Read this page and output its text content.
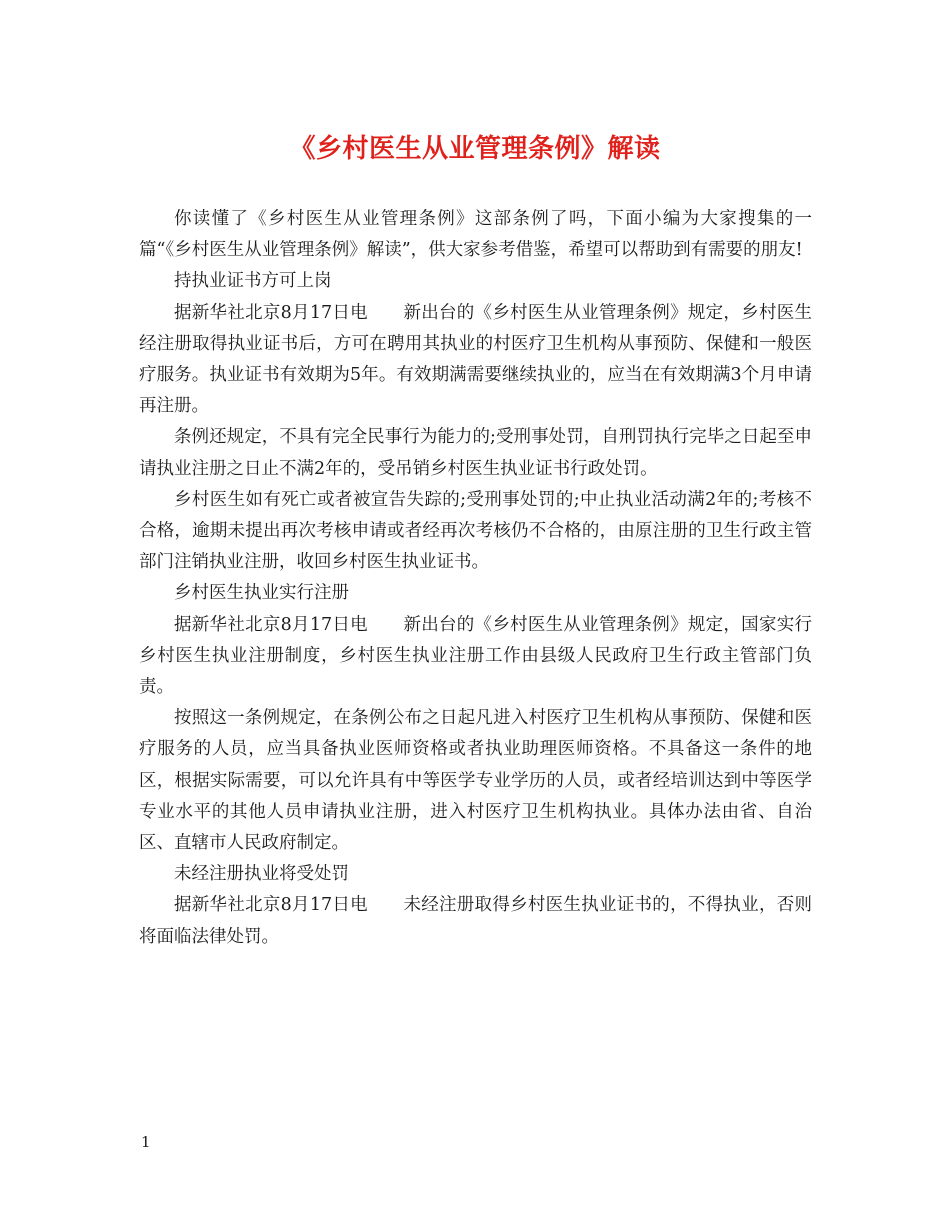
《乡村医生从业管理条例》解读

你读懂了《乡村医生从业管理条例》这部条例了吗，下面小编为大家搜集的一篇“《乡村医生从业管理条例》解读”，供大家参考借鉴，希望可以帮助到有需要的朋友!

持执业证书方可上岗

据新华社北京8月17日电　　新出台的《乡村医生从业管理条例》规定，乡村医生经注册取得执业证书后，方可在聘用其执业的村医疗卫生机构从事预防、保健和一般医疗服务。执业证书有效期为5年。有效期满需要继续执业的，应当在有效期满3个月申请再注册。

条例还规定，不具有完全民事行为能力的;受刑事处罚，自刑罚执行完毕之日起至申请执业注册之日止不满2年的，受吊销乡村医生执业证书行政处罚。

乡村医生如有死亡或者被宣告失踪的;受刑事处罚的;中止执业活动满2年的;考核不合格，逾期未提出再次考核申请或者经再次考核仍不合格的，由原注册的卫生行政主管部门注销执业注册，收回乡村医生执业证书。

乡村医生执业实行注册

据新华社北京8月17日电　　新出台的《乡村医生从业管理条例》规定，国家实行乡村医生执业注册制度，乡村医生执业注册工作由县级人民政府卫生行政主管部门负责。

按照这一条例规定，在条例公布之日起凡进入村医疗卫生机构从事预防、保健和医疗服务的人员，应当具备执业医师资格或者执业助理医师资格。不具备这一条件的地区，根据实际需要，可以允许具有中等医学专业学历的人员，或者经培训达到中等医学专业水平的其他人员申请执业注册，进入村医疗卫生机构执业。具体办法由省、自治区、直辖市人民政府制定。

未经注册执业将受处罚

据新华社北京8月17日电　　未经注册取得乡村医生执业证书的，不得执业，否则将面临法律处罚。

1
